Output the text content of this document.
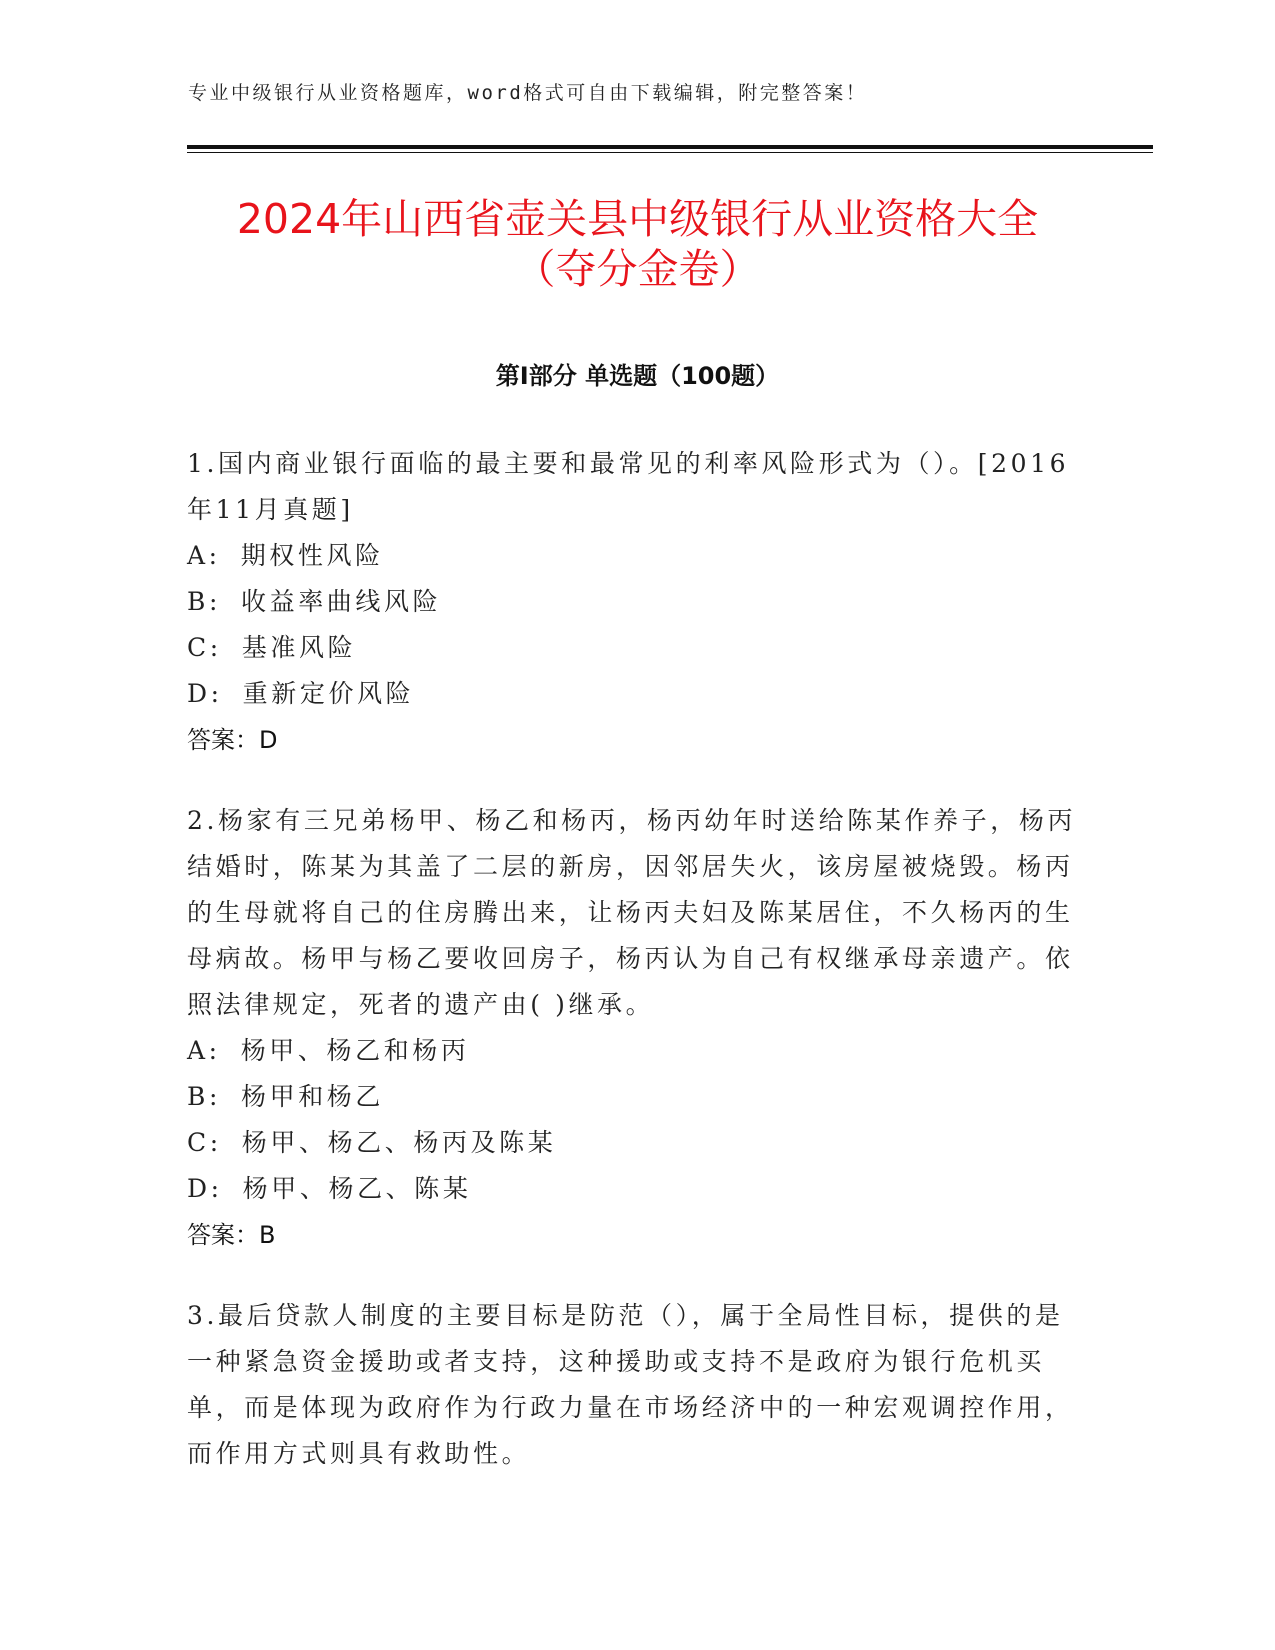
专业中级银行从业资格题库，word格式可自由下载编辑，附完整答案！
2024年山西省壶关县中级银行从业资格大全
（夺分金卷）
第Ⅰ部分 单选题（100题）
1.国内商业银行面临的最主要和最常见的利率风险形式为（）。[2016年11月真题]
A: 期权性风险
B: 收益率曲线风险
C: 基准风险
D: 重新定价风险
答案：D
2.杨家有三兄弟杨甲、杨乙和杨丙，杨丙幼年时送给陈某作养子，杨丙结婚时，陈某为其盖了二层的新房，因邻居失火，该房屋被烧毁。杨丙的生母就将自己的住房腾出来，让杨丙夫妇及陈某居住，不久杨丙的生母病故。杨甲与杨乙要收回房子，杨丙认为自己有权继承母亲遗产。依照法律规定，死者的遗产由( )继承。
A: 杨甲、杨乙和杨丙
B: 杨甲和杨乙
C: 杨甲、杨乙、杨丙及陈某
D: 杨甲、杨乙、陈某
答案：B
3.最后贷款人制度的主要目标是防范（），属于全局性目标，提供的是一种紧急资金援助或者支持，这种援助或支持不是政府为银行危机买单，而是体现为政府作为行政力量在市场经济中的一种宏观调控作用，而作用方式则具有救助性。
